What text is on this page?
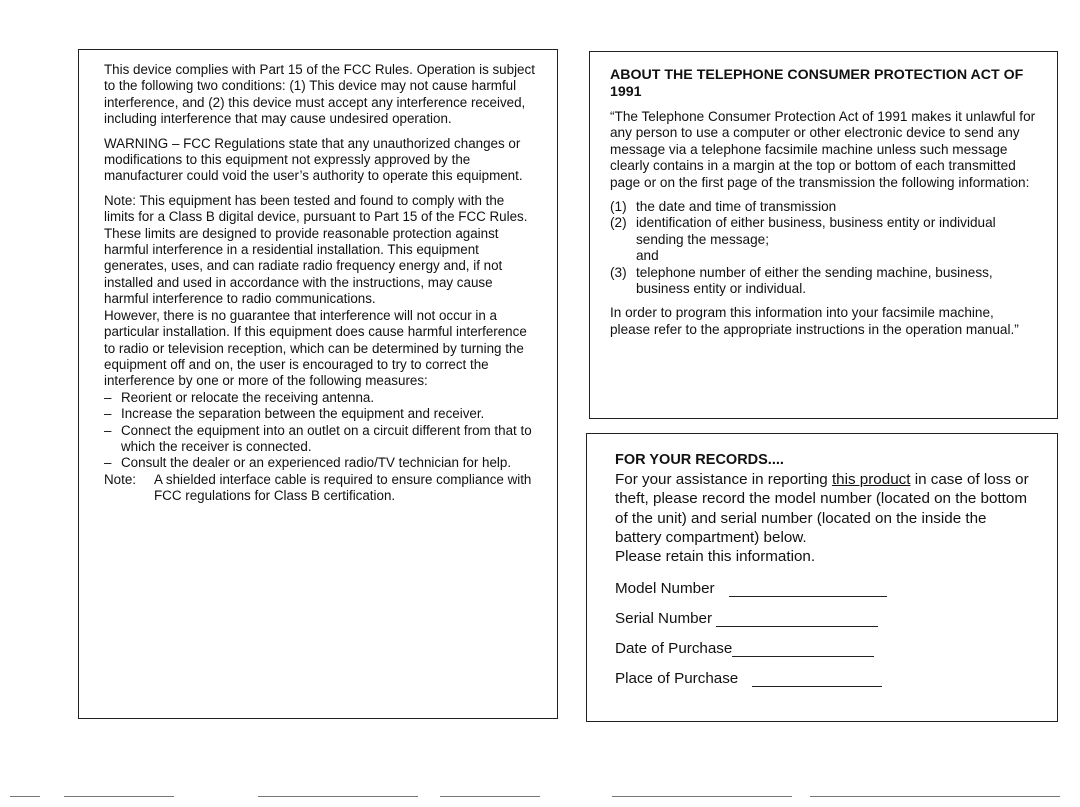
This device complies with Part 15 of the FCC Rules. Operation is subject to the following two conditions: (1) This device may not cause harmful interference, and (2) this device must accept any interference received, including interference that may cause undesired operation.

WARNING – FCC Regulations state that any unauthorized changes or modifications to this equipment not expressly approved by the manufacturer could void the user’s authority to operate this equipment.

Note: This equipment has been tested and found to comply with the limits for a Class B digital device, pursuant to Part 15 of the FCC Rules.

These limits are designed to provide reasonable protection against harmful interference in a residential installation. This equipment generates, uses, and can radiate radio frequency energy and, if not installed and used in accordance with the instructions, may cause harmful interference to radio communications.

However, there is no guarantee that interference will not occur in a particular installation. If this equipment does cause harmful interference to radio or television reception, which can be determined by turning the equipment off and on, the user is encouraged to try to correct the interference by one or more of the following measures:

– Reorient or relocate the receiving antenna.
– Increase the separation between the equipment and receiver.
– Connect the equipment into an outlet on a circuit different from that to which the receiver is connected.
– Consult the dealer or an experienced radio/TV technician for help.
Note:	A shielded interface cable is required to ensure compliance with FCC regulations for Class B certification.

ABOUT THE TELEPHONE CONSUMER PROTECTION ACT OF 1991

“The Telephone Consumer Protection Act of 1991 makes it unlawful for any person to use a computer or other electronic device to send any message via a telephone facsimile machine unless such message clearly contains in a margin at the top or bottom of each transmitted page or on the first page of the transmission the following information:

(1) the date and time of transmission
(2) identification of either business, business entity or individual sending the message;
and
(3) telephone number of either the sending machine, business, business entity or individual.

In order to program this information into your facsimile machine, please refer to the appropriate instructions in the operation manual.”

FOR YOUR RECORDS....

For your assistance in reporting this product in case of loss or theft, please record the model number (located on the bottom of the unit) and serial number (located on the inside the battery compartment) below.

Please retain this information.

Model Number
Serial Number
Date of Purchase
Place of Purchase
